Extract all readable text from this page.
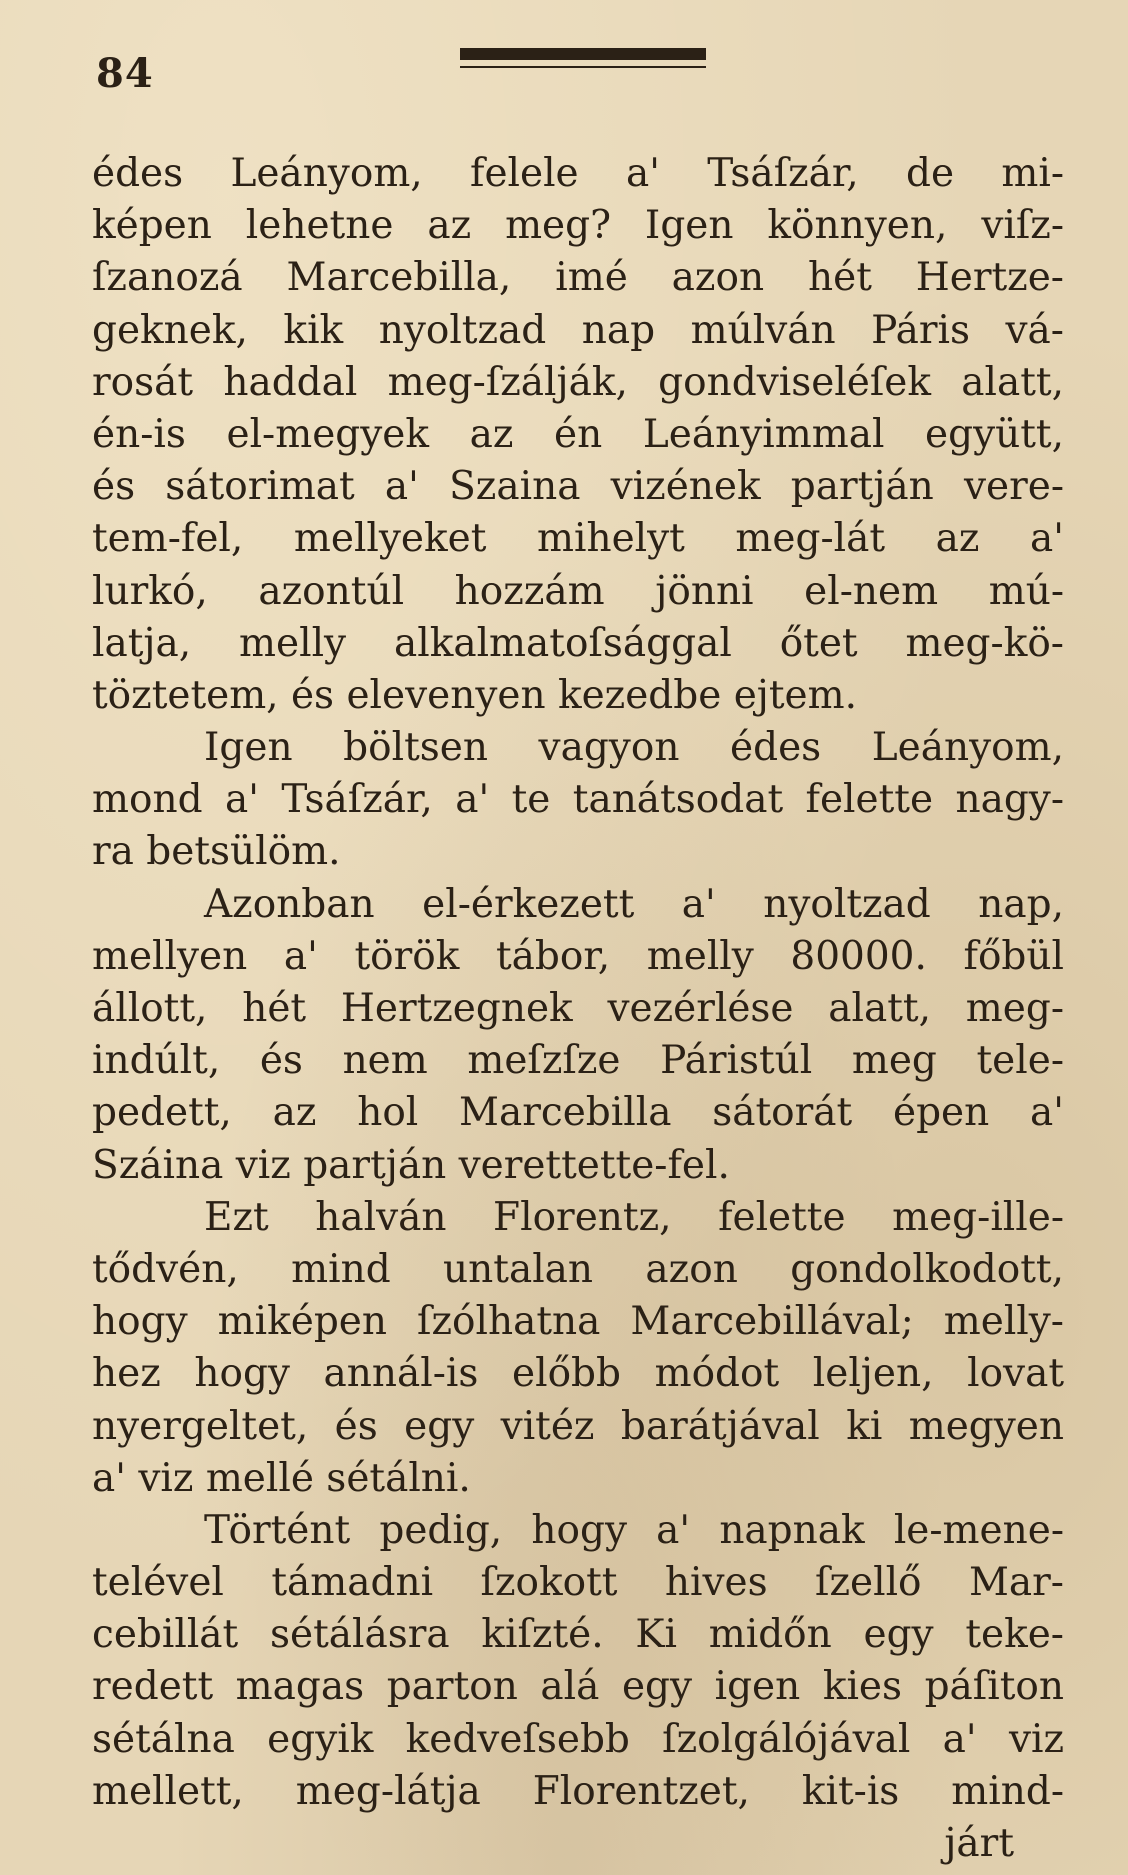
84
édes Leányom, felele a' Tsáſzár, de mi-
képen lehetne az meg? Igen könnyen, viſz-
ſzanozá Marcebilla, imé azon hét Hertze-
geknek, kik nyoltzad nap múlván Páris vá-
rosát haddal meg-ſzálják, gondviseléſek alatt,
én-is el-megyek az én Leányimmal együtt,
és sátorimat a' Szaina vizének partján vere-
tem-fel, mellyeket mihelyt meg-lát az a'
lurkó, azontúl hozzám jönni el-nem mú-
latja, melly alkalmatoſsággal őtet meg-kö-
töztetem, és elevenyen kezedbe ejtem.
Igen böltsen vagyon édes Leányom,
mond a' Tsáſzár, a' te tanátsodat felette nagy-
ra betsülöm.
Azonban el-érkezett a' nyoltzad nap,
mellyen a' török tábor, melly 80000. főbül
állott, hét Hertzegnek vezérlése alatt, meg-
indúlt, és nem meſzſze Páristúl meg tele-
pedett, az hol Marcebilla sátorát épen a'
Száina viz partján verettette-fel.
Ezt halván Florentz, felette meg-ille-
tődvén, mind untalan azon gondolkodott,
hogy miképen ſzólhatna Marcebillával; melly-
hez hogy annál-is előbb módot leljen, lovat
nyergeltet, és egy vitéz barátjával ki megyen
a' viz mellé sétálni.
Történt pedig, hogy a' napnak le-mene-
telével támadni ſzokott hives ſzellő Mar-
cebillát sétálásra kiſzté. Ki midőn egy teke-
redett magas parton alá egy igen kies páſiton
sétálna egyik kedveſsebb ſzolgálójával a' viz
mellett, meg-látja Florentzet, kit-is mind-
járt
